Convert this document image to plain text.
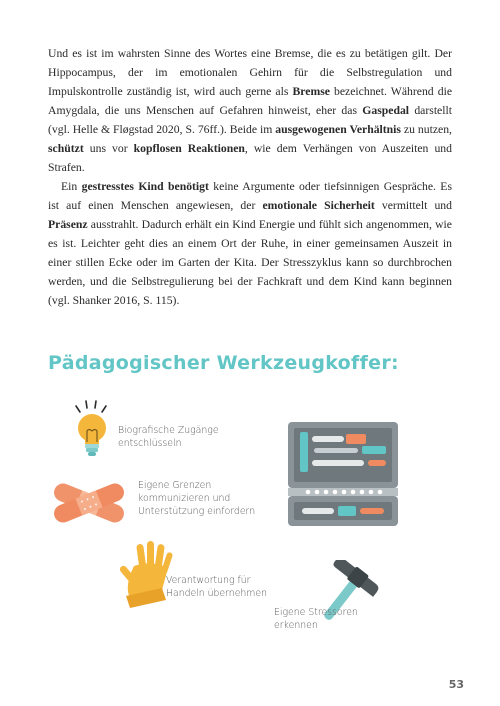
Und es ist im wahrsten Sinne des Wortes eine Bremse, die es zu betätigen gilt. Der Hippocampus, der im emotionalen Gehirn für die Selbstregulation und Impulskontrolle zuständig ist, wird auch gerne als Bremse bezeichnet. Während die Amygdala, die uns Menschen auf Gefahren hinweist, eher das Gaspedal darstellt (vgl. Helle & Fløgstad 2020, S. 76ff.). Beide im ausgewogenen Verhältnis zu nutzen, schützt uns vor kopflosen Reaktionen, wie dem Verhängen von Auszeiten und Strafen.

Ein gestresstes Kind benötigt keine Argumente oder tiefsinnigen Gespräche. Es ist auf einen Menschen angewiesen, der emotionale Sicherheit vermittelt und Präsenz ausstrahlt. Dadurch erhält ein Kind Energie und fühlt sich angenommen, wie es ist. Leichter geht dies an einem Ort der Ruhe, in einer gemeinsamen Auszeit in einer stillen Ecke oder im Garten der Kita. Der Stresszyklus kann so durchbrochen werden, und die Selbstregulierung bei der Fachkraft und dem Kind kann beginnen (vgl. Shanker 2016, S. 115).

Pädagogischer Werkzeugkoffer:
Biografische Zugänge
entschlüsseln
Eigene Grenzen
kommunizieren und
Unterstützung einfordern
Verantwortung für
Handeln übernehmen
Eigene Stressoren
erkennen
53
